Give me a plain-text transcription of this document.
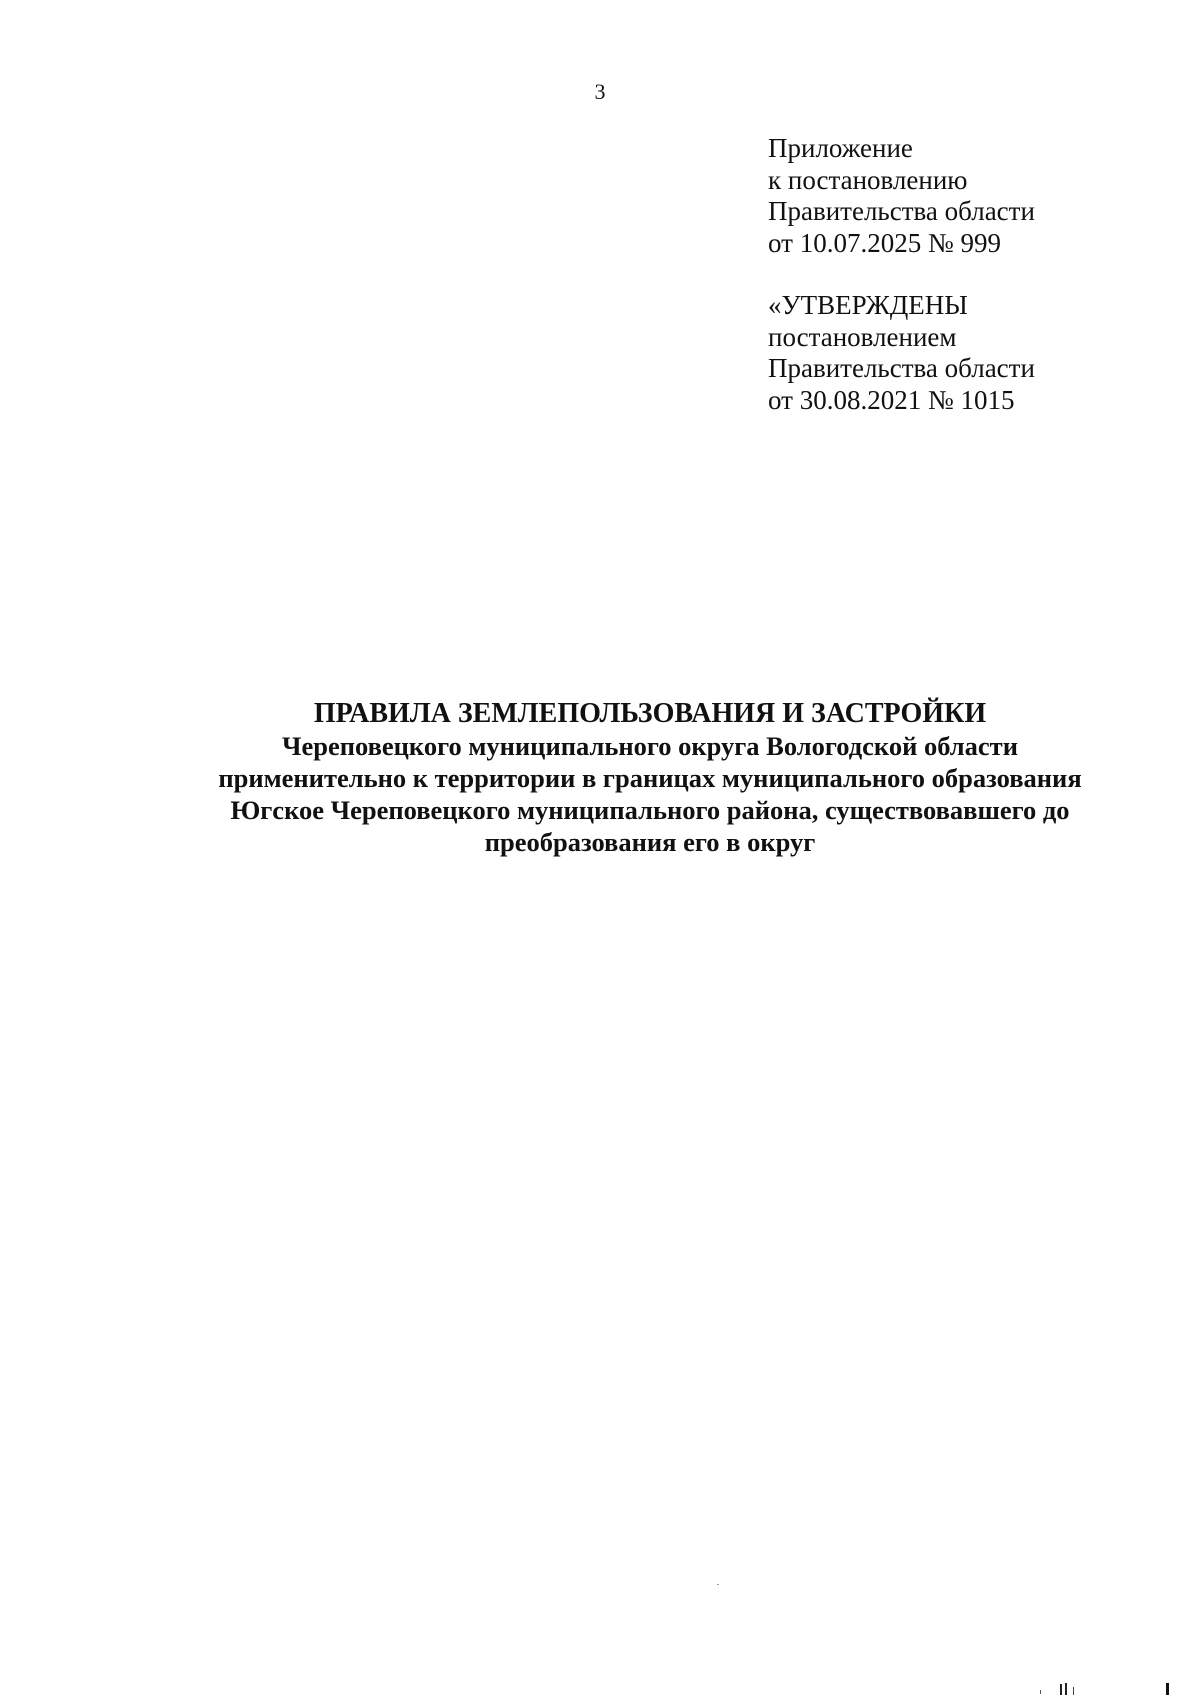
3
Приложение
к постановлению
Правительства области
от 10.07.2025 № 999
«УТВЕРЖДЕНЫ
постановлением
Правительства области
от 30.08.2021 № 1015
ПРАВИЛА ЗЕМЛЕПОЛЬЗОВАНИЯ И ЗАСТРОЙКИ
Череповецкого муниципального округа Вологодской области
применительно к территории в границах муниципального образования
Югское Череповецкого муниципального района, существовавшего до
преобразования его в округ
